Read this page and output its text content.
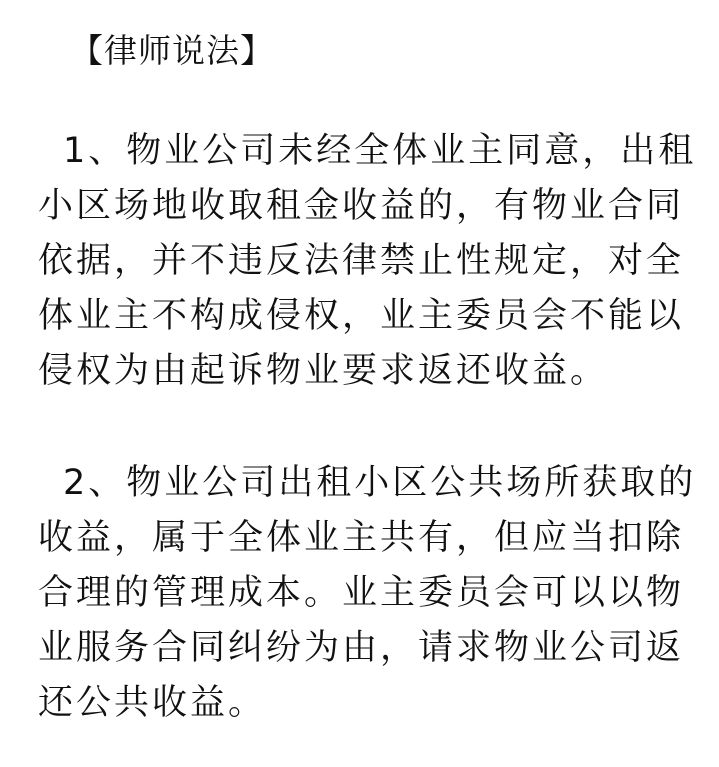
【律师说法】
1、物业公司未经全体业主同意，出租
小区场地收取租金收益的，有物业合同
依据，并不违反法律禁止性规定，对全
体业主不构成侵权，业主委员会不能以
侵权为由起诉物业要求返还收益。
2、物业公司出租小区公共场所获取的
收益，属于全体业主共有，但应当扣除
合理的管理成本。业主委员会可以以物
业服务合同纠纷为由，请求物业公司返
还公共收益。
